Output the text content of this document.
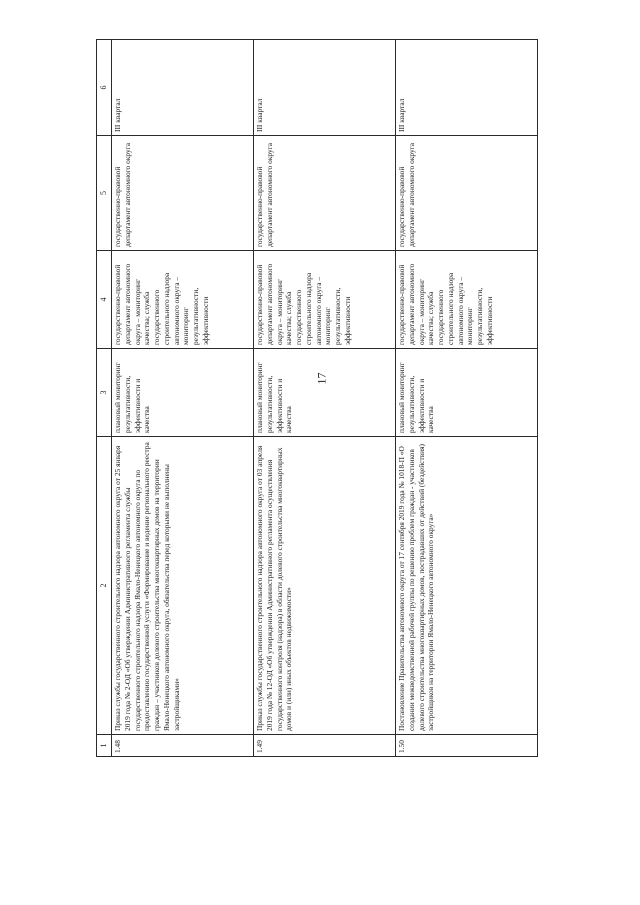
17
1	2	3	4	5	6
1.48	Приказ службы государственного строительного надзора автономного округа от 25 января 2019 года № 2-ОД «Об утверждении Административного регламента службы государственного строительного надзора Ямало-Ненецкого автономного округа по предоставлению государственной услуги «Формирование и ведение регионального реестра граждан – участников долевого строительства многоквартирных домов на территории Ямало-Ненецкого автономного округа, обязательства перед которыми не выполнены застройщиками»	плановый мониторинг результативности, эффективности и качества	государственно-правовой департамент автономного округа – мониторинг качества; служба государственного строительного надзора автономного округа – мониторинг результативности, эффективности	государственно-правовой департамент автономного округа	III квартал
1.49	Приказ службы государственного строительного надзора автономного округа от 03 апреля 2019 года № 12-ОД «Об утверждении Административного регламента осуществления государственного контроля (надзора) в области долевого строительства многоквартирных домов и (или) иных объектов недвижимости»	плановый мониторинг результативности, эффективности и качества	государственно-правовой департамент автономного округа – мониторинг качества; служба государственного строительного надзора автономного округа – мониторинг результативности, эффективности	государственно-правовой департамент автономного округа	III квартал
1.50	Постановление Правительства автономного округа от 17 сентября 2019 года № 1018-П «О создании межведомственной рабочей группы по решению проблем граждан - участников долевого строительства многоквартирных домов, пострадавших от действий (бездействия) застройщиков на территории Ямало-Ненецкого автономного округа»	плановый мониторинг результативности, эффективности и качества	государственно-правовой департамент автономного округа – мониторинг качества; служба государственного строительного надзора автономного округа – мониторинг результативности, эффективности	государственно-правовой департамент автономного округа	III квартал
